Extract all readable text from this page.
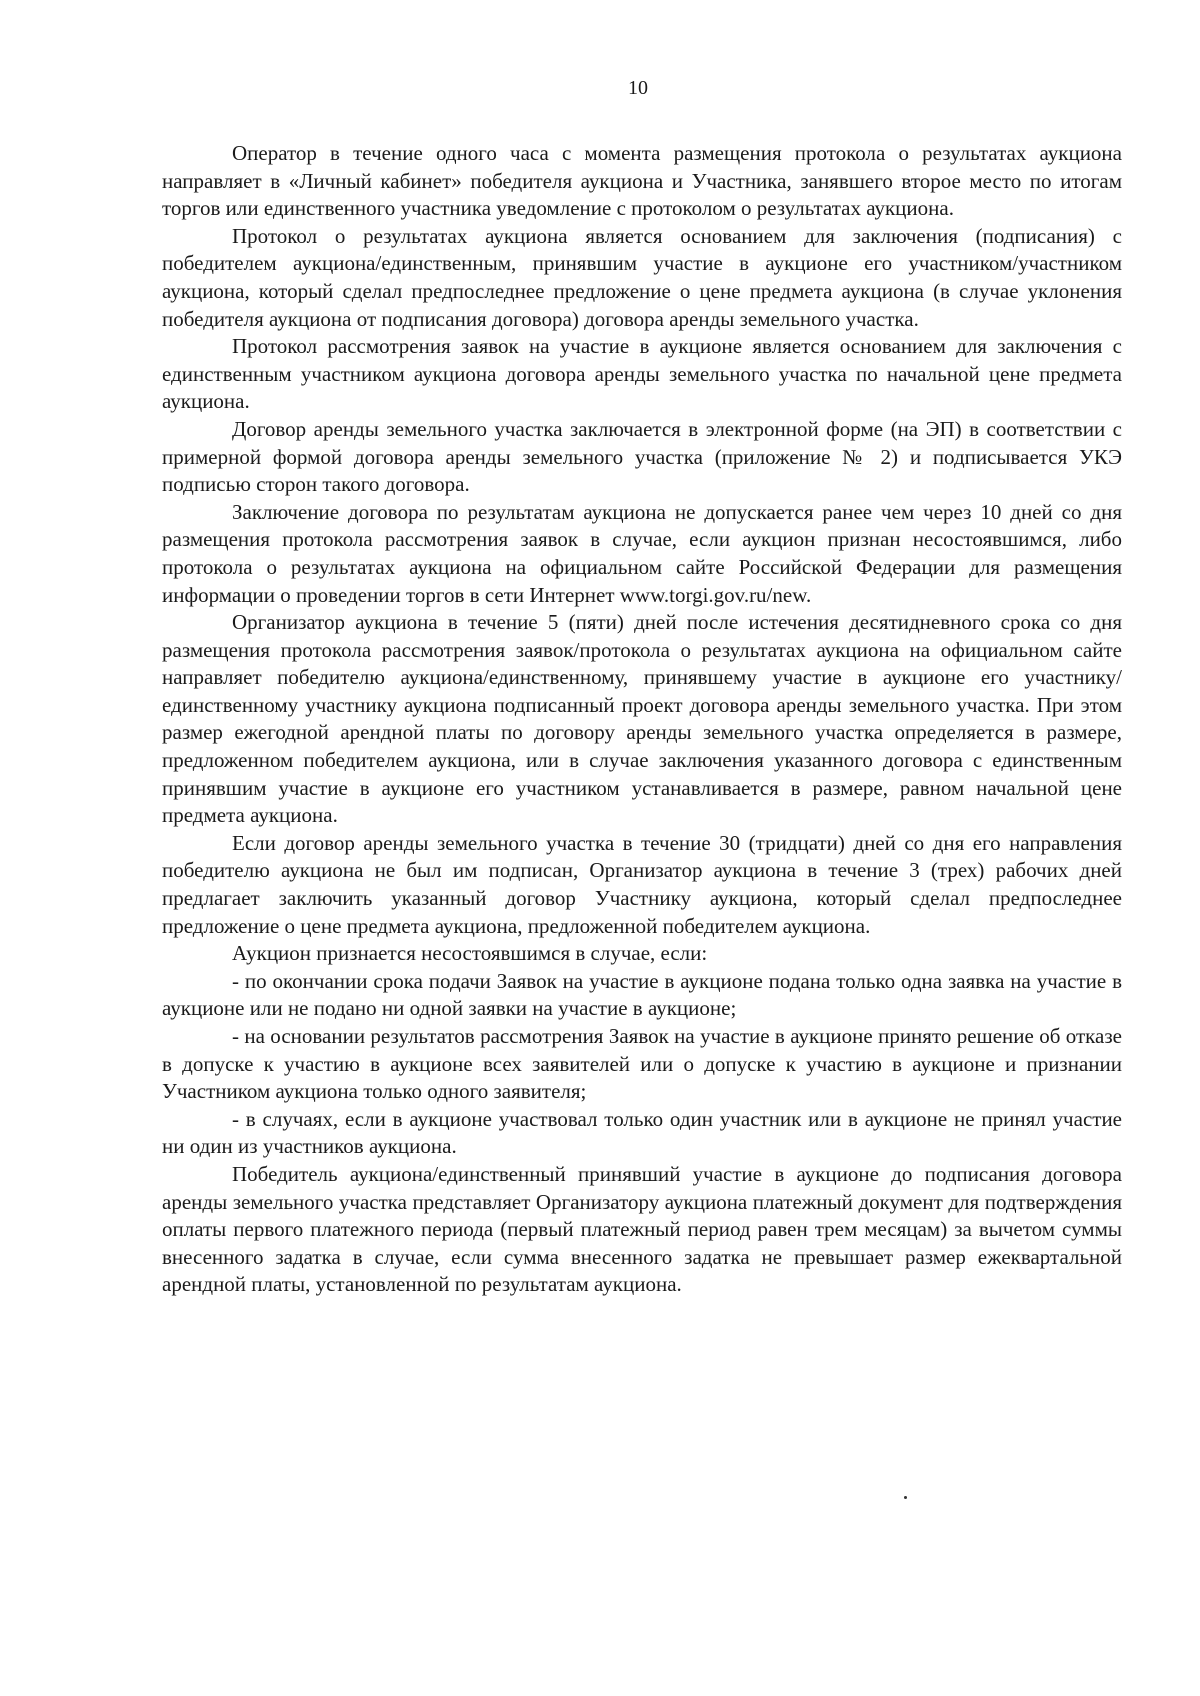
10

Оператор в течение одного часа с момента размещения протокола о результатах аукциона направляет в «Личный кабинет» победителя аукциона и Участника, занявшего второе место по итогам торгов или единственного участника уведомление с протоколом о результатах аукциона.

Протокол о результатах аукциона является основанием для заключения (подписания) с победителем аукциона/единственным, принявшим участие в аукционе его участником/участником аукциона, который сделал предпоследнее предложение о цене предмета аукциона (в случае уклонения победителя аукциона от подписания договора) договора аренды земельного участка.

Протокол рассмотрения заявок на участие в аукционе является основанием для заключения с единственным участником аукциона договора аренды земельного участка по начальной цене предмета аукциона.

Договор аренды земельного участка заключается в электронной форме (на ЭП) в соответствии с примерной формой договора аренды земельного участка (приложение № 2) и подписывается УКЭ подписью сторон такого договора.

Заключение договора по результатам аукциона не допускается ранее чем через 10 дней со дня размещения протокола рассмотрения заявок в случае, если аукцион признан несостоявшимся, либо протокола о результатах аукциона на официальном сайте Российской Федерации для размещения информации о проведении торгов в сети Интернет www.torgi.gov.ru/new.

Организатор аукциона в течение 5 (пяти) дней после истечения десятидневного срока со дня размещения протокола рассмотрения заявок/протокола о результатах аукциона на официальном сайте направляет победителю аукциона/единственному, принявшему участие в аукционе его участнику/единственному участнику аукциона подписанный проект договора аренды земельного участка. При этом размер ежегодной арендной платы по договору аренды земельного участка определяется в размере, предложенном победителем аукциона, или в случае заключения указанного договора с единственным принявшим участие в аукционе его участником устанавливается в размере, равном начальной цене предмета аукциона.

Если договор аренды земельного участка в течение 30 (тридцати) дней со дня его направления победителю аукциона не был им подписан, Организатор аукциона в течение 3 (трех) рабочих дней предлагает заключить указанный договор Участнику аукциона, который сделал предпоследнее предложение о цене предмета аукциона, предложенной победителем аукциона.

Аукцион признается несостоявшимся в случае, если:

- по окончании срока подачи Заявок на участие в аукционе подана только одна заявка на участие в аукционе или не подано ни одной заявки на участие в аукционе;

- на основании результатов рассмотрения Заявок на участие в аукционе принято решение об отказе в допуске к участию в аукционе всех заявителей или о допуске к участию в аукционе и признании Участником аукциона только одного заявителя;

- в случаях, если в аукционе участвовал только один участник или в аукционе не принял участие ни один из участников аукциона.

Победитель аукциона/единственный принявший участие в аукционе до подписания договора аренды земельного участка представляет Организатору аукциона платежный документ для подтверждения оплаты первого платежного периода (первый платежный период равен трем месяцам) за вычетом суммы внесенного задатка в случае, если сумма внесенного задатка не превышает размер ежеквартальной арендной платы, установленной по результатам аукциона.
